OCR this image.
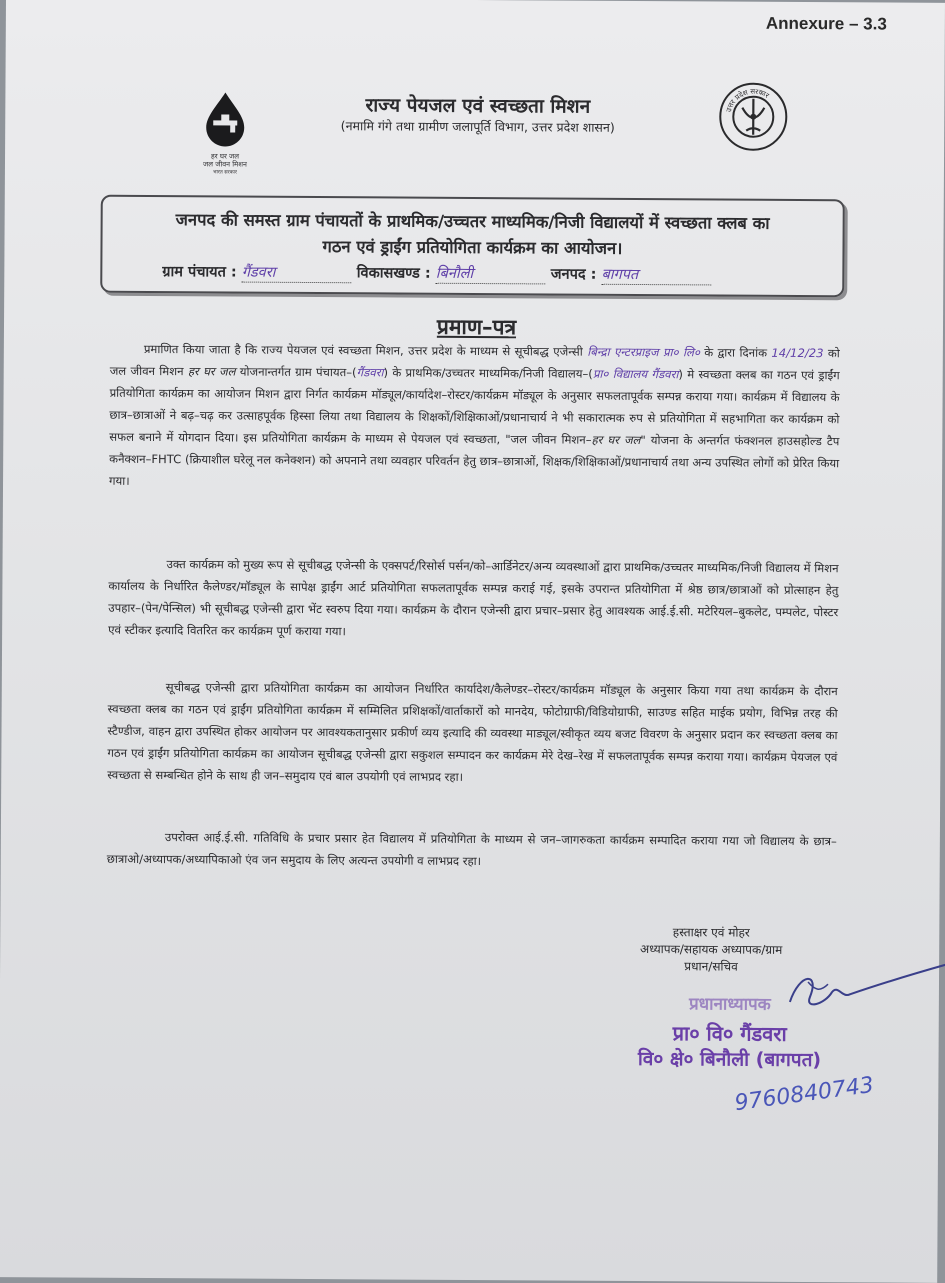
Annexure – 3.3
हर घर जल
जल जीवन मिशन
भारत सरकार
उत्तर प्रदेश सरकार
राज्य पेयजल एवं स्वच्छता मिशन
(नमामि गंगे तथा ग्रामीण जलापूर्ति विभाग, उत्तर प्रदेश शासन)
जनपद की समस्त ग्राम पंचायतों के प्राथमिक/उच्चतर माध्यमिक/निजी विद्यालयों में स्वच्छता क्लब का
गठन एवं ड्राईंग प्रतियोगिता कार्यक्रम का आयोजन।
ग्राम पंचायत : गैंडवरा	विकासखण्ड : बिनौली	जनपद : बागपत
प्रमाण–पत्र
प्रमाणित किया जाता है कि राज्य पेयजल एवं स्वच्छता मिशन, उत्तर प्रदेश के माध्यम से सूचीबद्ध एजेन्सी बिन्द्रा एन्टरप्राइज प्रा० लि० के द्वारा दिनांक 14/12/23 को जल जीवन मिशन हर घर जल योजनान्तर्गत ग्राम पंचायत–(गैंडवरा) के प्राथमिक/उच्चतर माध्यमिक/निजी विद्यालय–(प्रा० विद्यालय गैंडवरा) मे स्वच्छता क्लब का गठन एवं ड्राईंग प्रतियोगिता कार्यक्रम का आयोजन मिशन द्वारा निर्गत कार्यक्रम मॉड्यूल/कार्यादेश–रोस्टर/कार्यक्रम मॉड्यूल के अनुसार सफलतापूर्वक सम्पन्न कराया गया। कार्यक्रम में विद्यालय के छात्र–छात्राओं ने बढ़–चढ़ कर उत्साहपूर्वक हिस्सा लिया तथा विद्यालय के शिक्षकों/शिक्षिकाओं/प्रधानाचार्य ने भी सकारात्मक रुप से प्रतियोगिता में सहभागिता कर कार्यक्रम को सफल बनाने में योगदान दिया। इस प्रतियोगिता कार्यक्रम के माध्यम से पेयजल एवं स्वच्छता, "जल जीवन मिशन–हर घर जल" योजना के अन्तर्गत फंक्शनल हाउसहोल्ड टैप कनैक्शन–FHTC (क्रियाशील घरेलू नल कनेक्शन) को अपनाने तथा व्यवहार परिवर्तन हेतु छात्र–छात्राओं, शिक्षक/शिक्षिकाओं/प्रधानाचार्य तथा अन्य उपस्थित लोगों को प्रेरित किया गया।
उक्त कार्यक्रम को मुख्य रूप से सूचीबद्ध एजेन्सी के एक्सपर्ट/रिसोर्स पर्सन/को–आर्डिनेटर/अन्य व्यवस्थाओं द्वारा प्राथमिक/उच्चतर माध्यमिक/निजी विद्यालय में मिशन कार्यालय के निर्धारित कैलेण्डर/मॉड्यूल के सापेक्ष ड्राईंग आर्ट प्रतियोगिता सफलतापूर्वक सम्पन्न कराई गई, इसके उपरान्त प्रतियोगिता में श्रेष्ठ छात्र/छात्राओं को प्रोत्साहन हेतु उपहार–(पेन/पेन्सिल) भी सूचीबद्ध एजेन्सी द्वारा भेंट स्वरुप दिया गया। कार्यक्रम के दौरान एजेन्सी द्वारा प्रचार–प्रसार हेतु आवश्यक आई.ई.सी. मटेरियल–बुकलेट, पम्पलेट, पोस्टर एवं स्टीकर इत्यादि वितरित कर कार्यक्रम पूर्ण कराया गया।
सूचीबद्ध एजेन्सी द्वारा प्रतियोगिता कार्यक्रम का आयोजन निर्धारित कार्यादेश/कैलेण्डर–रोस्टर/कार्यक्रम मॉड्यूल के अनुसार किया गया तथा कार्यक्रम के दौरान स्वच्छता क्लब का गठन एवं ड्राईंग प्रतियोगिता कार्यक्रम में सम्मिलित प्रशिक्षकों/वार्ताकारों को मानदेय, फोटोग्राफी/विडियोग्राफी, साउण्ड सहित माईक प्रयोग, विभिन्न तरह की स्टैण्डीज, वाहन द्वारा उपस्थित होकर आयोजन पर आवश्यकतानुसार प्रकीर्ण व्यय इत्यादि की व्यवस्था माड्यूल/स्वीकृत व्यय बजट विवरण के अनुसार प्रदान कर स्वच्छता क्लब का गठन एवं ड्राईंग प्रतियोगिता कार्यक्रम का आयोजन सूचीबद्ध एजेन्सी द्वारा सकुशल सम्पादन कर कार्यक्रम मेरे देख–रेख में सफलतापूर्वक सम्पन्न कराया गया। कार्यक्रम पेयजल एवं स्वच्छता से सम्बन्धित होने के साथ ही जन–समुदाय एवं बाल उपयोगी एवं लाभप्रद रहा।
उपरोक्त आई.ई.सी. गतिविधि के प्रचार प्रसार हेत विद्यालय में प्रतियोगिता के माध्यम से जन–जागरुकता कार्यक्रम सम्पादित कराया गया जो विद्यालय के छात्र–छात्राओ/अध्यापक/अध्यापिकाओ एंव जन समुदाय के लिए अत्यन्त उपयोगी व लाभप्रद रहा।
हस्ताक्षर एवं मोहर
अध्यापक/सहायक अध्यापक/ग्राम
प्रधान/सचिव
प्रधानाध्यापक
प्रा० वि० गैंडवरा
वि० क्षे० बिनौली (बागपत)
9760840743
